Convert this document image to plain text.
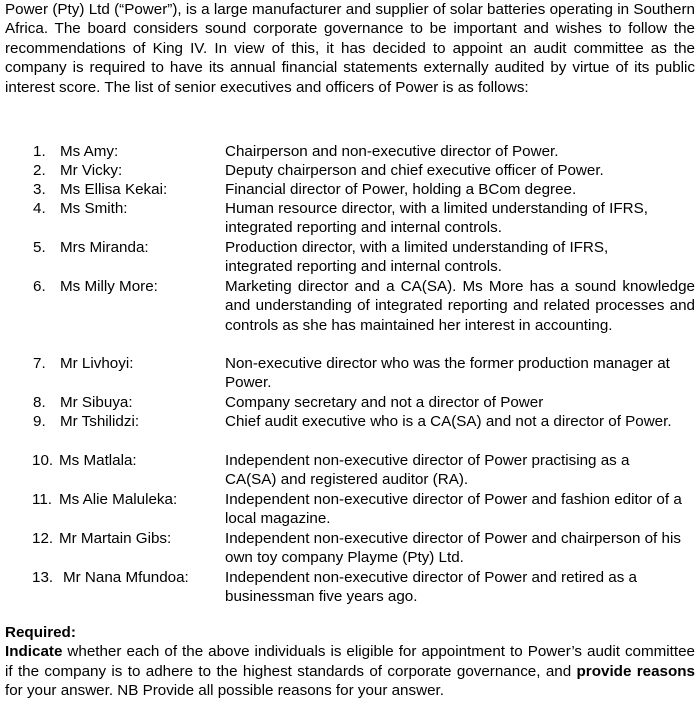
Power (Pty) Ltd (“Power”), is a large manufacturer and supplier of solar batteries operating in Southern Africa. The board considers sound corporate governance to be important and wishes to follow the recommendations of King IV. In view of this, it has decided to appoint an audit committee as the company is required to have its annual financial statements externally audited by virtue of its public interest score. The list of senior executives and officers of Power is as follows:

1. Ms Amy:	Chairperson and non-executive director of Power.

2. Mr Vicky:	Deputy chairperson and chief executive officer of Power.

3. Ms Ellisa Kekai:	Financial director of Power, holding a BCom degree.

4. Ms Smith:	Human resource director, with a limited understanding of IFRS, integrated reporting and internal controls.

5. Mrs Miranda:	Production director, with a limited understanding of IFRS, integrated reporting and internal controls.

6. Ms Milly More:	Marketing director and a CA(SA). Ms More has a sound knowledge and understanding of integrated reporting and related processes and controls as she has maintained her interest in accounting.

7. Mr Livhoyi:	Non-executive director who was the former production manager at Power.

8. Mr Sibuya:	Company secretary and not a director of Power

9. Mr Tshilidzi:	Chief audit executive who is a CA(SA) and not a director of Power.

10. Ms Matlala:	Independent non-executive director of Power practising as a CA(SA) and registered auditor (RA).

11. Ms Alie Maluleka:	Independent non-executive director of Power and fashion editor of a local magazine.

12. Mr Martain Gibs:	Independent non-executive director of Power and chairperson of his own toy company Playme (Pty) Ltd.

13. Mr Nana Mfundoa: Independent non-executive director of Power and retired as a businessman five years ago.

Required:

Indicate whether each of the above individuals is eligible for appointment to Power’s audit committee if the company is to adhere to the highest standards of corporate governance, and provide reasons for your answer. NB Provide all possible reasons for your answer.
